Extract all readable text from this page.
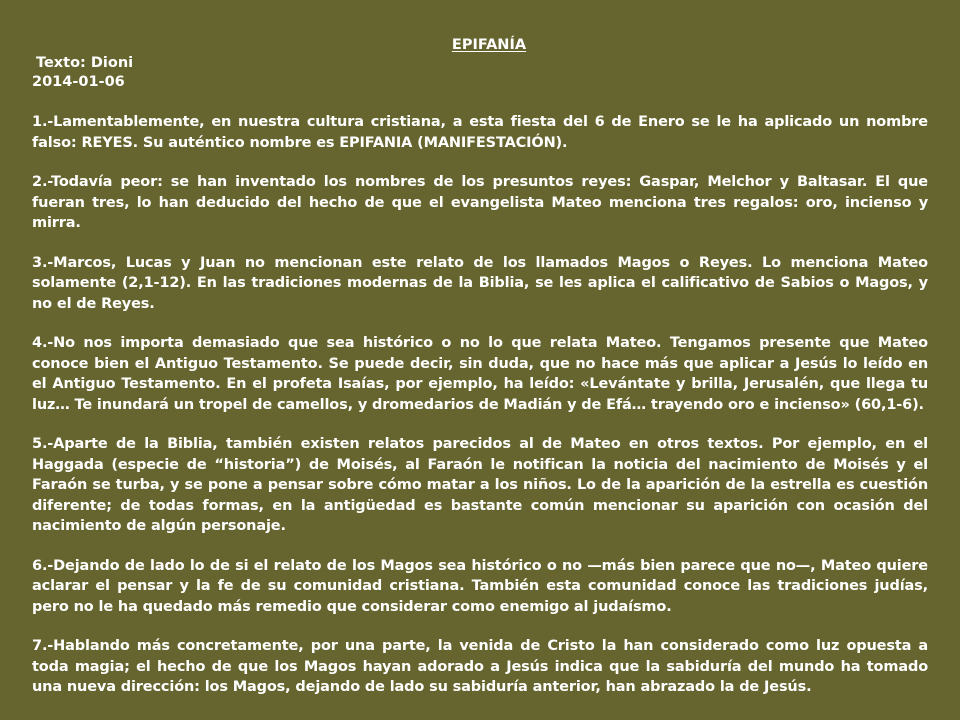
EPIFANÍA

Texto: Dioni

2014-01-06

1.-Lamentablemente, en nuestra cultura cristiana, a esta fiesta del 6 de Enero se le ha aplicado un nombre falso: REYES. Su auténtico nombre es EPIFANIA (MANIFESTACIÓN).

2.-Todavía peor: se han inventado los nombres de los presuntos reyes: Gaspar, Melchor y Baltasar. El que fueran tres, lo han deducido del hecho de que el evangelista Mateo menciona tres regalos: oro, incienso y mirra.

3.-Marcos, Lucas y Juan no mencionan este relato de los llamados Magos o Reyes. Lo menciona Mateo solamente (2,1-12). En las tradiciones modernas de la Biblia, se les aplica el calificativo de Sabios o Magos, y no el de Reyes.

4.-No nos importa demasiado que sea histórico o no lo que relata Mateo. Tengamos presente que Mateo conoce bien el Antiguo Testamento. Se puede decir, sin duda, que no hace más que aplicar a Jesús lo leído en el Antiguo Testamento. En el profeta Isaías, por ejemplo, ha leído: «Levántate y brilla, Jerusalén, que llega tu luz… Te inundará un tropel de camellos, y dromedarios de Madián y de Efá… trayendo oro e incienso» (60,1-6).

5.-Aparte de la Biblia, también existen relatos parecidos al de Mateo en otros textos. Por ejemplo, en el Haggada (especie de “historia”) de Moisés, al Faraón le notifican la noticia del nacimiento de Moisés y el Faraón se turba, y se pone a pensar sobre cómo matar a los niños. Lo de la aparición de la estrella es cuestión diferente; de todas formas, en la antigüedad es bastante común mencionar su aparición con ocasión del nacimiento de algún personaje.

6.-Dejando de lado lo de si el relato de los Magos sea histórico o no —más bien parece que no—, Mateo quiere aclarar el pensar y la fe de su comunidad cristiana. También esta comunidad conoce las tradiciones judías, pero no le ha quedado más remedio que considerar como enemigo al judaísmo.

7.-Hablando más concretamente, por una parte, la venida de Cristo la han considerado como luz opuesta a toda magia; el hecho de que los Magos hayan adorado a Jesús indica que la sabiduría del mundo ha tomado una nueva dirección: los Magos, dejando de lado su sabiduría anterior, han abrazado la de Jesús.
